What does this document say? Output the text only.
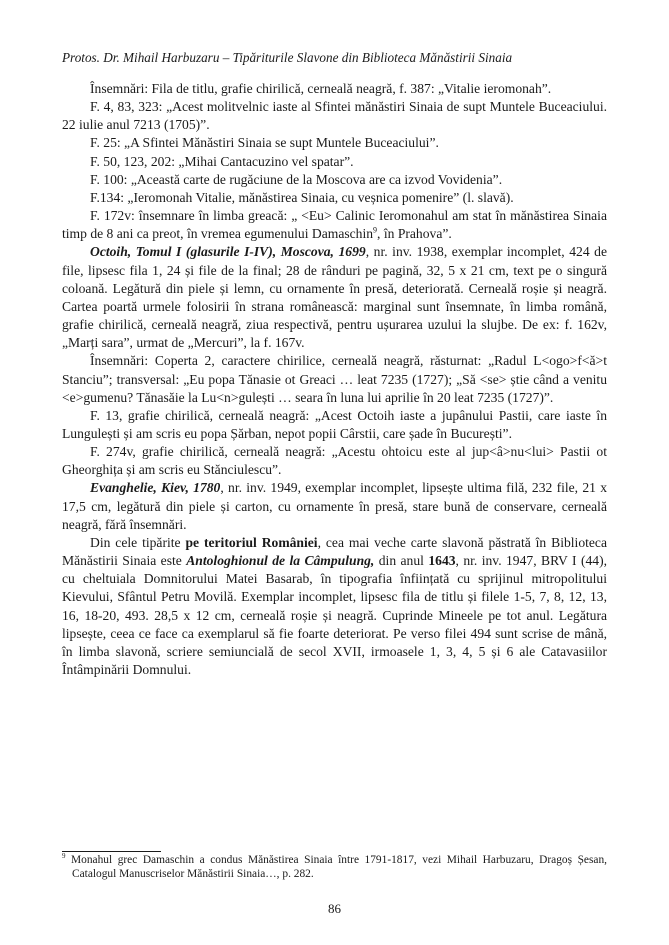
Protos. Dr. Mihail Harbuzaru – Tipăriturile Slavone din Biblioteca Mănăstirii Sinaia

Însemnări: Fila de titlu, grafie chirilică, cerneală neagră, f. 387: „Vitalie ieromonah”.

F. 4, 83, 323: „Acest molitvelnic iaste al Sfintei mănăstiri Sinaia de supt Muntele Buceaciului. 22 iulie anul 7213 (1705)”.

F. 25: „A Sfintei Mănăstiri Sinaia se supt Muntele Buceaciului”.

F. 50, 123, 202: „Mihai Cantacuzino vel spatar”.

F. 100: „Această carte de rugăciune de la Moscova are ca izvod Vovidenia”.

F.134: „Ieromonah Vitalie, mănăstirea Sinaia, cu veșnica pomenire” (l. slavă).

F. 172v: însemnare în limba greacă: „ <Eu> Calinic Ieromonahul am stat în mănăstirea Sinaia timp de 8 ani ca preot, în vremea egumenului Damaschin$^9$, în Prahova”.

Octoih, Tomul I (glasurile I-IV), Moscova, 1699, nr. inv. 1938, exemplar incomplet, 424 de file, lipsesc fila 1, 24 și file de la final; 28 de rânduri pe pagină, 32, 5 x 21 cm, text pe o singură coloană. Legătură din piele și lemn, cu ornamente în presă, deteriorată. Cerneală roșie și neagră. Cartea poartă urmele folosirii în strana românească: marginal sunt însemnate, în limba română, grafie chirilică, cerneală neagră, ziua respectivă, pentru ușurarea uzului la slujbe. De ex: f. 162v, „Marți sara”, urmat de „Mercuri”, la f. 167v.

Însemnări: Coperta 2, caractere chirilice, cerneală neagră, răsturnat: „Radul L<ogo>f<ă>t Stanciu”; transversal: „Eu popa Tănasie ot Greaci … leat 7235 (1727); „Să <se> știe când a venitu <e>gumenu? Tănasăie la Lu<n>gulești … seara în luna lui aprilie în 20 leat 7235 (1727)”.

F. 13, grafie chirilică, cerneală neagră: „Acest Octoih iaste a jupânului Pastii, care iaste în Lungulești și am scris eu popa Șărban, nepot popii Cârstii, care șade în București”.

F. 274v, grafie chirilică, cerneală neagră: „Acestu ohtoicu este al jup<â>nu<lui> Pastii ot Gheorghița și am scris eu Stănciulescu”.

Evanghelie, Kiev, 1780, nr. inv. 1949, exemplar incomplet, lipsește ultima filă, 232 file, 21 x 17,5 cm, legătură din piele și carton, cu ornamente în presă, stare bună de conservare, cerneală neagră, fără însemnări.

Din cele tipărite pe teritoriul Românieі, cea mai veche carte slavonă păstrată în Biblioteca Mănăstirii Sinaia este Antologhionul de la Câmpulung, din anul 1643, nr. inv. 1947, BRV I (44), cu cheltuiala Domnitorului Matei Basarab, în tipografia înființată cu sprijinul mitropolitului Kievului, Sfântul Petru Movilă. Exemplar incomplet, lipsesc fila de titlu și filele 1-5, 7, 8, 12, 13, 16, 18-20, 493. 28,5 x 12 cm, cerneală roșie și neagră. Cuprinde Mineele pe tot anul. Legătura lipsește, ceea ce face ca exemplarul să fie foarte deteriorat. Pe verso filei 494 sunt scrise de mână, în limba slavonă, scriere semiuncială de secol XVII, irmoasele 1, 3, 4, 5 și 6 ale Catavasiilor Întâmpinării Domnului.

$^9$ Monahul grec Damaschin a condus Mănăstirea Sinaia între 1791-1817, vezi Mihail Harbuzaru, Dragoș Șesan, Catalogul Manuscriselor Mănăstirii Sinaia…, p. 282.
86
